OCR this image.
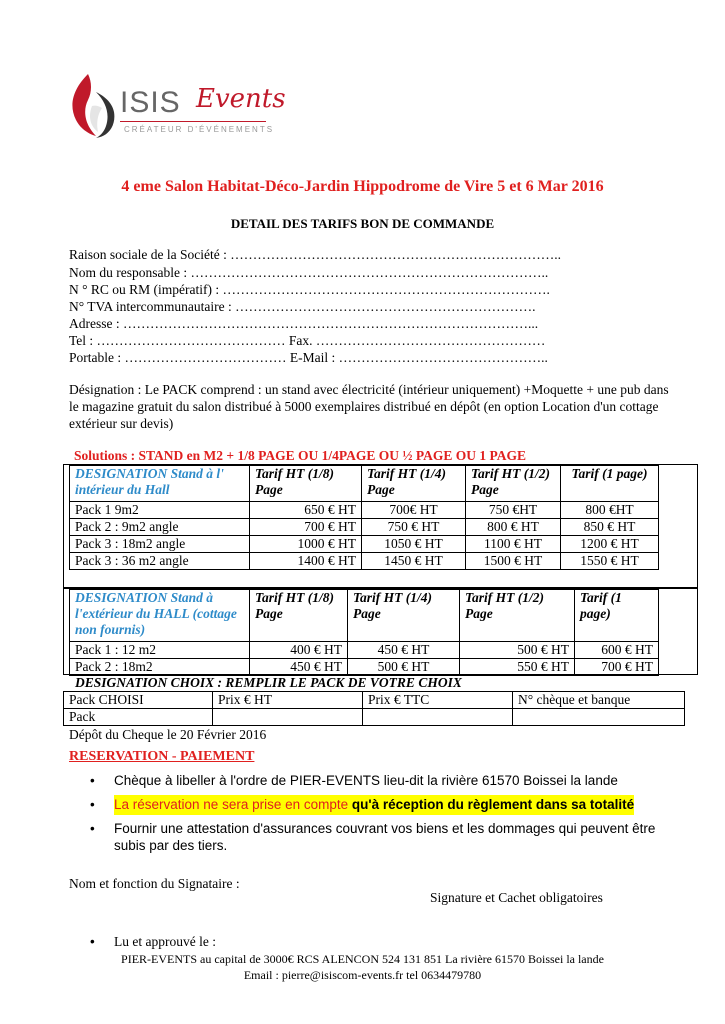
ISIS Events
CRÉATEUR D'ÉVÉNEMENTS
4 eme Salon Habitat-Déco-Jardin Hippodrome de Vire 5 et 6 Mar 2016
DETAIL DES TARIFS BON DE COMMANDE
Raison sociale de la Société : ………………………………………………………………..
Nom du responsable : ……………………………………………………………………..
N ° RC ou RM (impératif) : ……………………………………………………………….
N° TVA intercommunautaire : ………………………………………………………….
Adresse : ………………………………………………………………………………...
Tel : …………………………………… Fax. ……………………………………………
Portable : ……………………………… E-Mail : ………………………………………..
Désignation : Le PACK comprend : un stand avec électricité (intérieur uniquement) +Moquette + une pub dans le magazine gratuit du salon distribué à 5000 exemplaires distribué en dépôt (en option Location d'un cottage extérieur sur devis)
Solutions : STAND en M2 + 1/8 PAGE OU 1/4PAGE OU ½ PAGE OU 1 PAGE
DESIGNATION Stand à l' intérieur du Hall	Tarif HT (1/8) Page	Tarif HT (1/4) Page	Tarif HT (1/2) Page	Tarif (1 page)
Pack 1 9m2	650 € HT	700€ HT	750 €HT	800 €HT
Pack 2 : 9m2 angle	700 € HT	750 € HT	800 € HT	850 € HT
Pack 3 : 18m2 angle	1000 € HT	1050 € HT	1100 € HT	1200 € HT
Pack 3 : 36 m2 angle	1400 € HT	1450 € HT	1500 € HT	1550 € HT
DESIGNATION Stand à l'extérieur du HALL (cottage non fournis)	Tarif HT (1/8) Page	Tarif HT (1/4) Page	Tarif HT (1/2) Page	Tarif (1 page)
Pack 1 : 12 m2	400 € HT	450 € HT	500 € HT	600 € HT
Pack 2 : 18m2	450 € HT	500 € HT	550 € HT	700 € HT
DESIGNATION CHOIX : REMPLIR LE PACK DE VOTRE CHOIX
Pack CHOISI	Prix € HT	Prix € TTC	N° chèque et banque
Pack			
Dépôt du Cheque le 20 Février 2016
RESERVATION - PAIEMENT
• Chèque à libeller à l'ordre de PIER-EVENTS lieu-dit la rivière 61570 Boissei la lande
• La réservation ne sera prise en compte qu'à réception du règlement dans sa totalité
• Fournir une attestation d'assurances couvrant vos biens et les dommages qui peuvent être
subis par des tiers.
Nom et fonction du Signataire :
Signature et Cachet obligatoires
• Lu et approuvé le :
PIER-EVENTS au capital de 3000€ RCS ALENCON 524 131 851 La rivière 61570 Boissei la lande
Email : pierre@isiscom-events.fr tel 0634479780
